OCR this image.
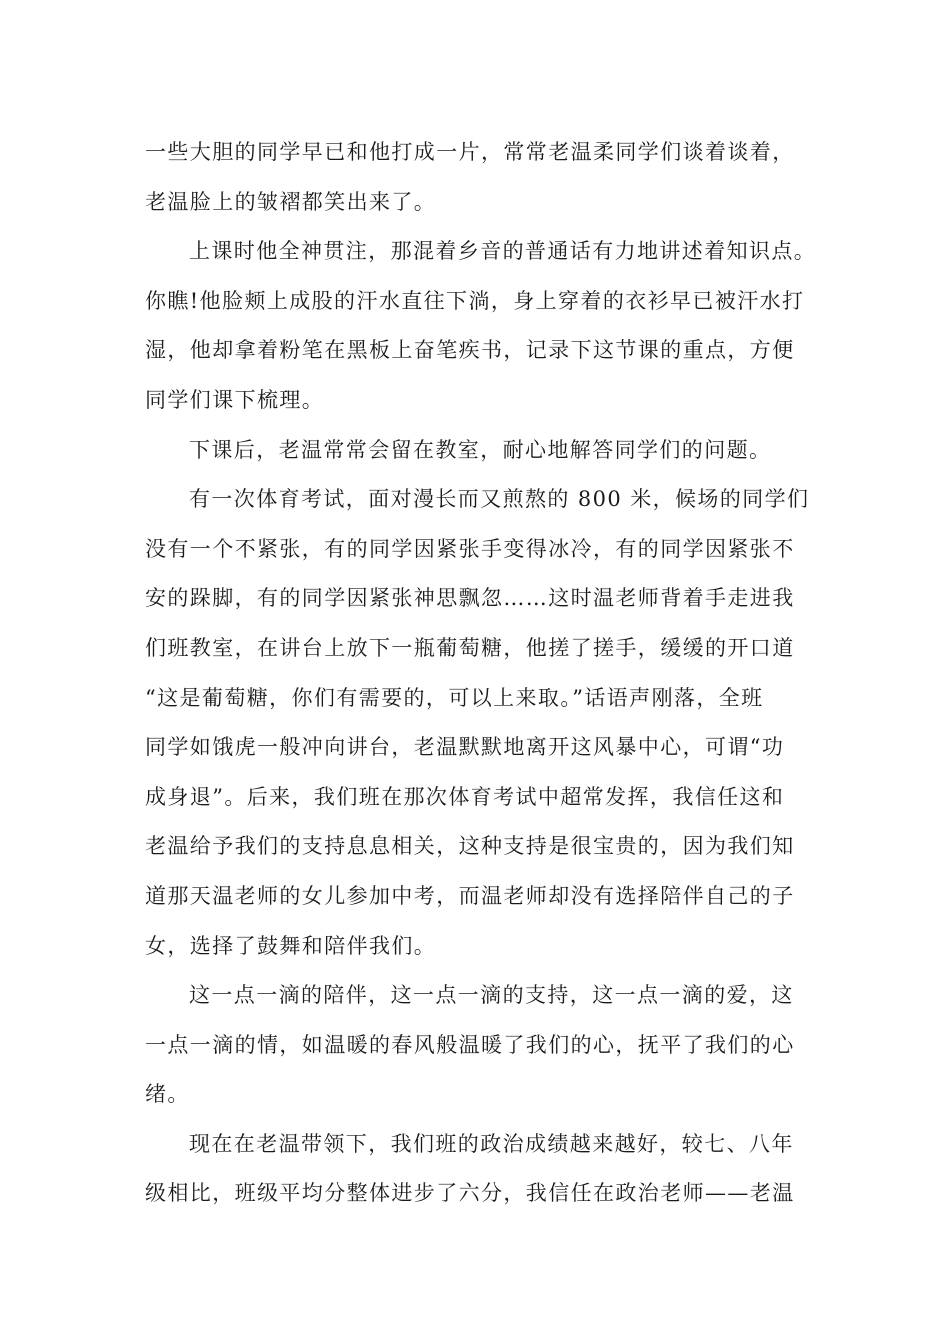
一些大胆的同学早已和他打成一片，常常老温柔同学们谈着谈着，
老温脸上的皱褶都笑出来了。
上课时他全神贯注，那混着乡音的普通话有力地讲述着知识点。
你瞧!他脸颊上成股的汗水直往下淌，身上穿着的衣衫早已被汗水打
湿，他却拿着粉笔在黑板上奋笔疾书，记录下这节课的重点，方便
同学们课下梳理。
下课后，老温常常会留在教室，耐心地解答同学们的问题。
有一次体育考试，面对漫长而又煎熬的 800 米，候场的同学们
没有一个不紧张，有的同学因紧张手变得冰冷，有的同学因紧张不
安的跺脚，有的同学因紧张神思飘忽……这时温老师背着手走进我
们班教室，在讲台上放下一瓶葡萄糖，他搓了搓手，缓缓的开口道
“这是葡萄糖，你们有需要的，可以上来取。”话语声刚落，全班
同学如饿虎一般冲向讲台，老温默默地离开这风暴中心，可谓“功
成身退”。后来，我们班在那次体育考试中超常发挥，我信任这和
老温给予我们的支持息息相关，这种支持是很宝贵的，因为我们知
道那天温老师的女儿参加中考，而温老师却没有选择陪伴自己的子
女，选择了鼓舞和陪伴我们。
这一点一滴的陪伴，这一点一滴的支持，这一点一滴的爱，这
一点一滴的情，如温暖的春风般温暖了我们的心，抚平了我们的心
绪。
现在在老温带领下，我们班的政治成绩越来越好，较七、八年
级相比，班级平均分整体进步了六分，我信任在政治老师——老温
